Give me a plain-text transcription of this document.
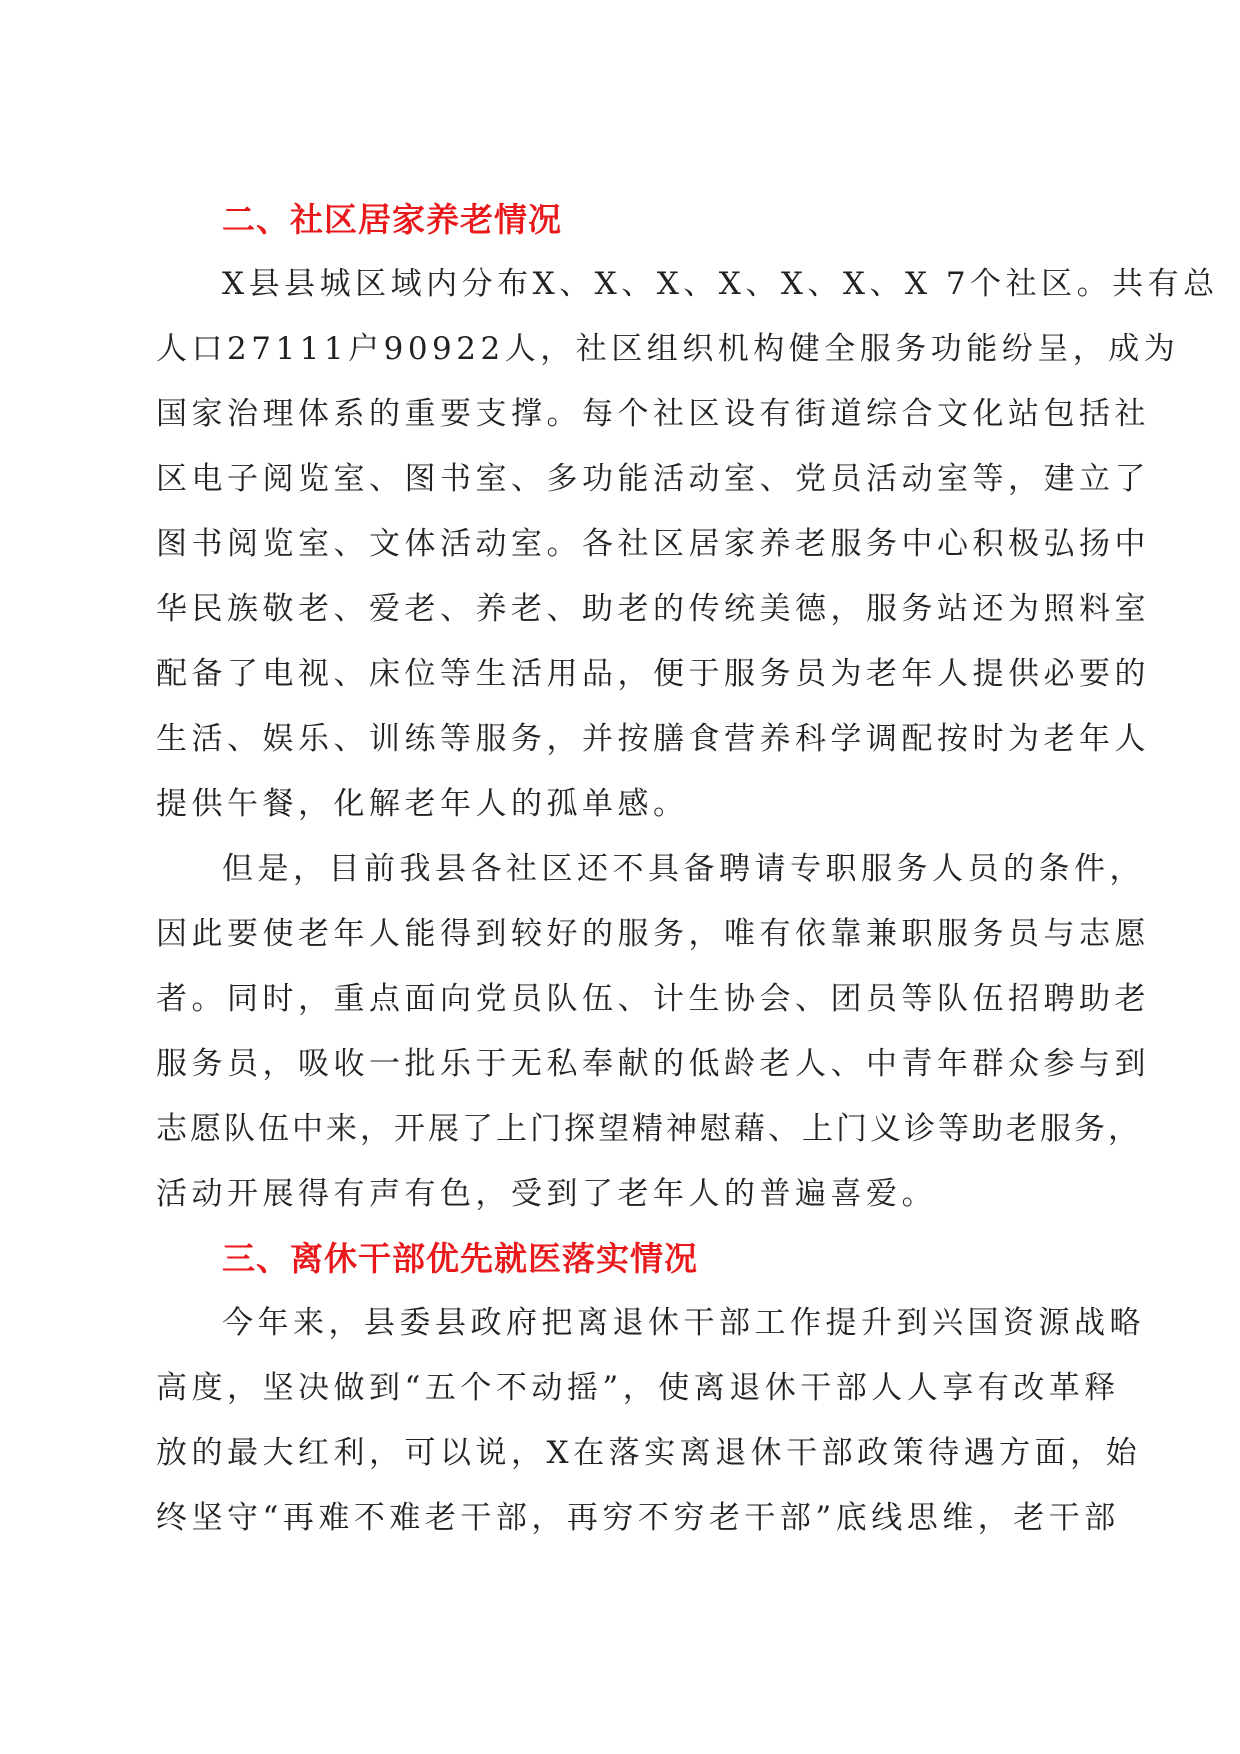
二、社区居家养老情况

X县县城区域内分布X、X、X、X、X、X、X 7个社区。共有总
人口27111户90922人，社区组织机构健全服务功能纷呈，成为
国家治理体系的重要支撑。每个社区设有街道综合文化站包括社
区电子阅览室、图书室、多功能活动室、党员活动室等，建立了
图书阅览室、文体活动室。各社区居家养老服务中心积极弘扬中
华民族敬老、爱老、养老、助老的传统美德，服务站还为照料室
配备了电视、床位等生活用品，便于服务员为老年人提供必要的
生活、娱乐、训练等服务，并按膳食营养科学调配按时为老年人
提供午餐，化解老年人的孤单感。

但是，目前我县各社区还不具备聘请专职服务人员的条件，
因此要使老年人能得到较好的服务，唯有依靠兼职服务员与志愿
者。同时，重点面向党员队伍、计生协会、团员等队伍招聘助老
服务员，吸收一批乐于无私奉献的低龄老人、中青年群众参与到
志愿队伍中来，开展了上门探望精神慰藉、上门义诊等助老服务，
活动开展得有声有色，受到了老年人的普遍喜爱。

三、离休干部优先就医落实情况

今年来，县委县政府把离退休干部工作提升到兴国资源战略
高度，坚决做到“五个不动摇”，使离退休干部人人享有改革释
放的最大红利，可以说，X在落实离退休干部政策待遇方面，始
终坚守“再难不难老干部，再穷不穷老干部”底线思维，老干部
